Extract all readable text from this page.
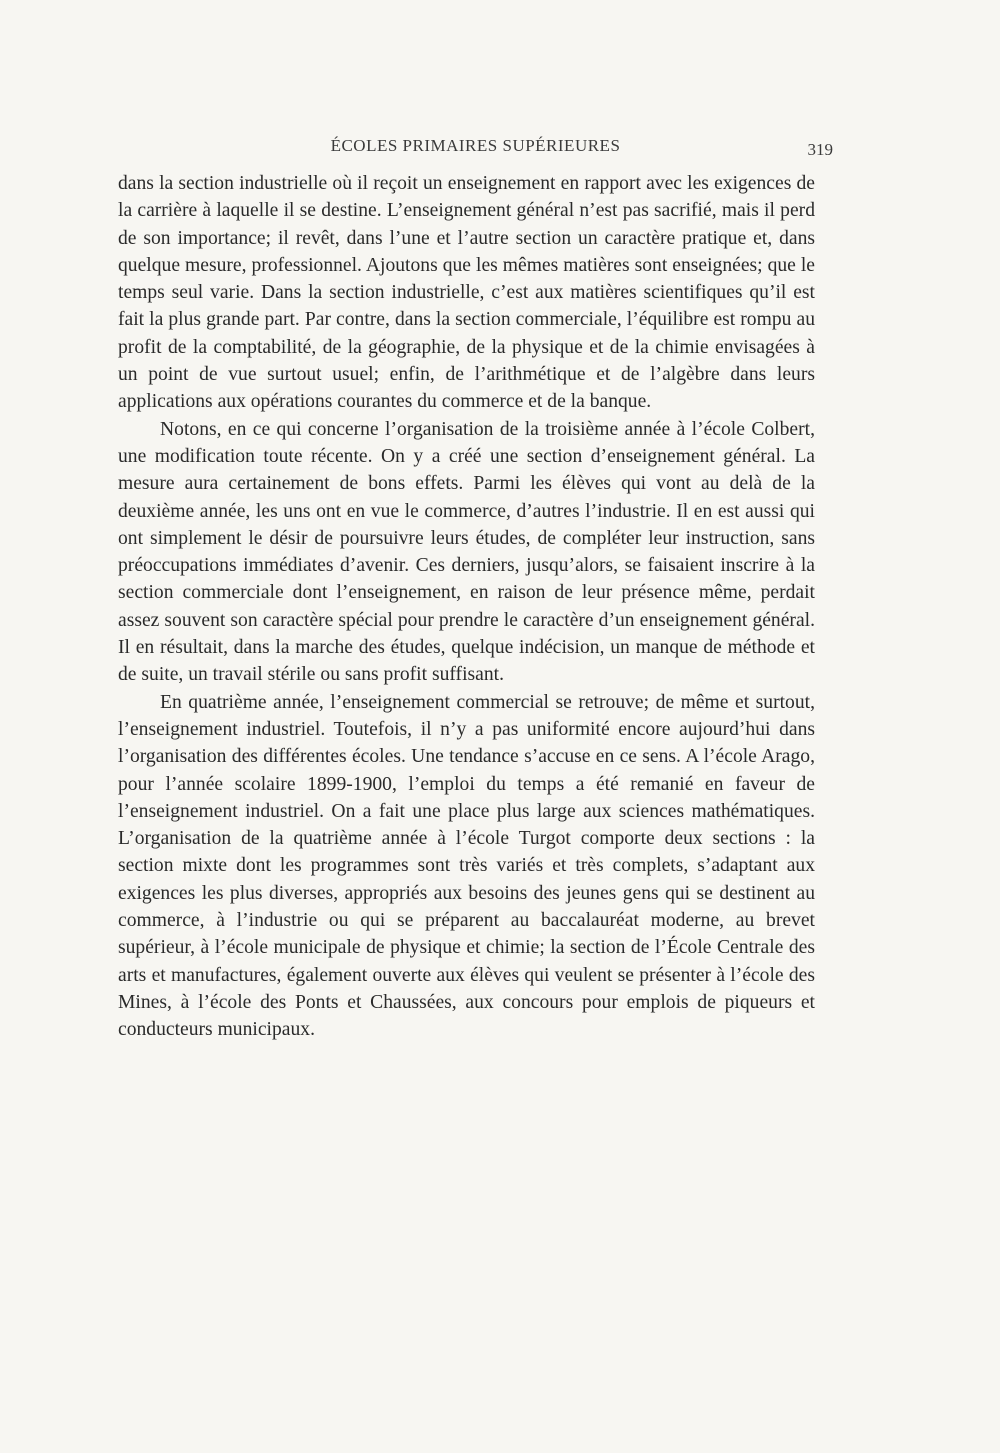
ÉCOLES PRIMAIRES SUPÉRIEURES	319

dans la section industrielle où il reçoit un enseignement en rapport avec les exigences de la carrière à laquelle il se destine. L’enseignement général n’est pas sacrifié, mais il perd de son importance; il revêt, dans l’une et l’autre section un caractère pratique et, dans quelque mesure, professionnel. Ajoutons que les mêmes matières sont enseignées; que le temps seul varie. Dans la section industrielle, c’est aux matières scientifiques qu’il est fait la plus grande part. Par contre, dans la section commerciale, l’équilibre est rompu au profit de la comptabilité, de la géographie, de la physique et de la chimie envisagées à un point de vue surtout usuel; enfin, de l’arithmétique et de l’algèbre dans leurs applications aux opérations courantes du commerce et de la banque.

Notons, en ce qui concerne l’organisation de la troisième année à l’école Colbert, une modification toute récente. On y a créé une section d’enseignement général. La mesure aura certainement de bons effets. Parmi les élèves qui vont au delà de la deuxième année, les uns ont en vue le commerce, d’autres l’industrie. Il en est aussi qui ont simplement le désir de poursuivre leurs études, de compléter leur instruction, sans préoccupations immédiates d’avenir. Ces derniers, jusqu’alors, se faisaient inscrire à la section commerciale dont l’enseignement, en raison de leur présence même, perdait assez souvent son caractère spécial pour prendre le caractère d’un enseignement général. Il en résultait, dans la marche des études, quelque indécision, un manque de méthode et de suite, un travail stérile ou sans profit suffisant.

En quatrième année, l’enseignement commercial se retrouve; de même et surtout, l’enseignement industriel. Toutefois, il n’y a pas uniformité encore aujourd’hui dans l’organisation des différentes écoles. Une tendance s’accuse en ce sens. A l’école Arago, pour l’année scolaire 1899-1900, l’emploi du temps a été remanié en faveur de l’enseignement industriel. On a fait une place plus large aux sciences mathématiques. L’organisation de la quatrième année à l’école Turgot comporte deux sections : la section mixte dont les programmes sont très variés et très complets, s’adaptant aux exigences les plus diverses, appropriés aux besoins des jeunes gens qui se destinent au commerce, à l’industrie ou qui se préparent au baccalauréat moderne, au brevet supérieur, à l’école municipale de physique et chimie; la section de l’École Centrale des arts et manufactures, également ouverte aux élèves qui veulent se présenter à l’école des Mines, à l’école des Ponts et Chaussées, aux concours pour emplois de piqueurs et conducteurs municipaux.
